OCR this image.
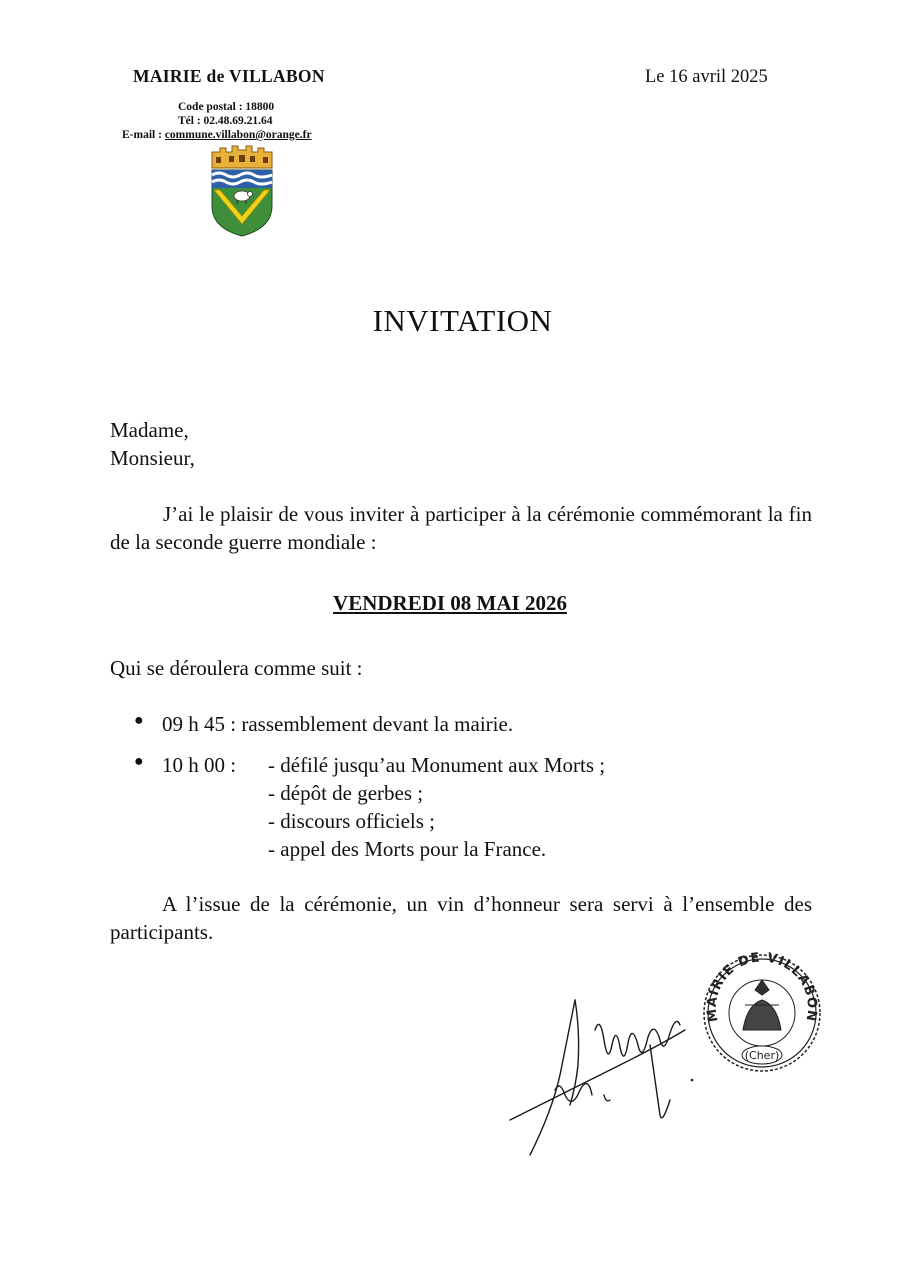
MAIRIE de VILLABON	Le 16 avril 2025
Code postal : 18800
Tél : 02.48.69.21.64
E-mail : commune.villabon@orange.fr
INVITATION
Madame,
Monsieur,
J’ai le plaisir de vous inviter à participer à la cérémonie commémorant la fin de la seconde guerre mondiale :
VENDREDI 08 MAI 2026
Qui se déroulera comme suit :
● 09 h 45 : rassemblement devant la mairie.
● 10 h 00 : - défilé jusqu’au Monument aux Morts ;
- dépôt de gerbes ;
- discours officiels ;
- appel des Morts pour la France.
A l’issue de la cérémonie, un vin d’honneur sera servi à l’ensemble des participants.
MAIRIE DE VILLABON
(Cher)
